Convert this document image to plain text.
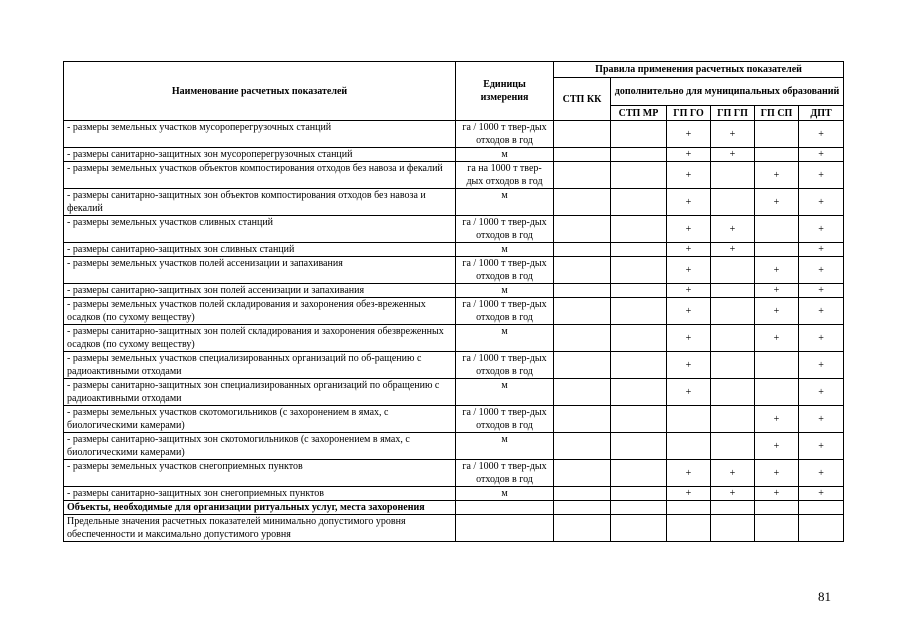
Наименование расчетных показателей	Единицы измерения	Правила применения расчетных показателей					
		СТП КК	дополнительно для муниципальных образований				
			СТП МР	ГП ГО	ГП ГП	ГП СП	ДПТ
- размеры земельных участков мусороперегрузочных станций	га / 1000 т твер-дых отходов в год			+	+		+
- размеры санитарно-защитных зон мусороперегрузочных станций	м			+	+		+
- размеры земельных участков объектов компостирования отходов без навоза и фекалий	га на 1000 т твер-дых отходов в год			+		+	+
- размеры санитарно-защитных зон объектов компостирования отходов без навоза и фекалий	м			+		+	+
- размеры земельных участков сливных станций	га / 1000 т твер-дых отходов в год			+	+		+
- размеры санитарно-защитных зон сливных станций	м			+	+		+
- размеры земельных участков полей ассенизации и запахивания	га / 1000 т твер-дых отходов в год			+		+	+
- размеры санитарно-защитных зон полей ассенизации и запахивания	м			+		+	+
- размеры земельных участков полей складирования и захоронения обез-вреженных осадков (по сухому веществу)	га / 1000 т твер-дых отходов в год			+		+	+
- размеры санитарно-защитных зон полей складирования и захоронения обезвреженных осадков (по сухому веществу)	м			+		+	+
- размеры земельных участков специализированных организаций по об-ращению с радиоактивными отходами	га / 1000 т твер-дых отходов в год			+			+
- размеры санитарно-защитных зон специализированных организаций по обращению с радиоактивными отходами	м			+			+
- размеры земельных участков скотомогильников (с захоронением в ямах, с биологическими камерами)	га / 1000 т твер-дых отходов в год					+	+
- размеры санитарно-защитных зон скотомогильников (с захоронением в ямах, с биологическими камерами)	м					+	+
- размеры земельных участков снегоприемных пунктов	га / 1000 т твер-дых отходов в год			+	+	+	+
- размеры санитарно-защитных зон снегоприемных пунктов	м			+	+	+	+
Объекты, необходимые для организации ритуальных услуг, места захоронения							
Предельные значения расчетных показателей минимально допустимого уровня обеспеченности и максимально допустимого уровня							
81
